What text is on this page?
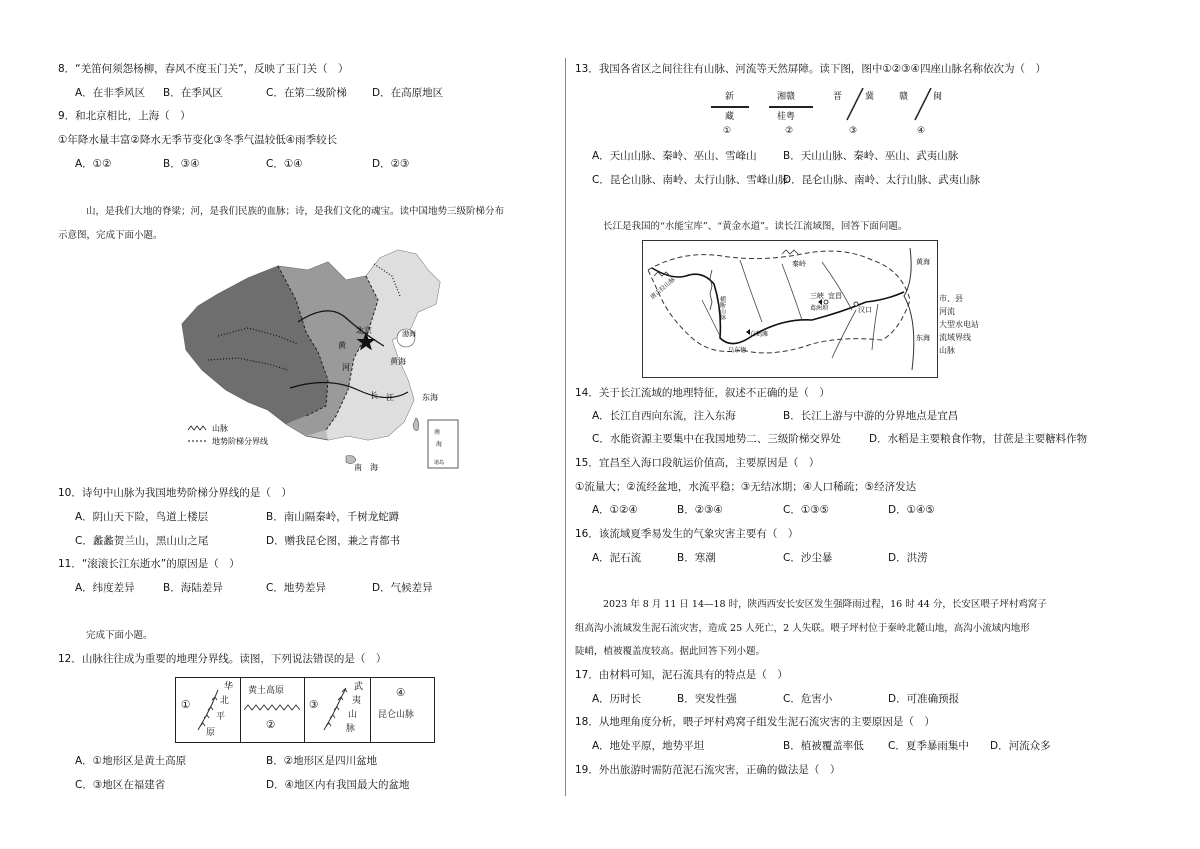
8．“羌笛何须怨杨柳，春风不度玉门关”，反映了玉门关（　）
A．在非季风区 B．在季风区	C．在第二级阶梯 D．在高原地区
9．和北京相比，上海（　）
①年降水量丰富②降水无季节变化③冬季气温较低④雨季较长
A．①②	B．③④	C．①④	D．②③
山，是我们大地的脊梁；河，是我们民族的血脉；诗，是我们文化的魂宝。读中国地势三级阶梯分布
示意图，完成下面小题。
北京	渤海
黄
河
黄海
长 江	东海
南　海
山脉
地势阶梯分界线
南
海
诸岛
10．诗句中山脉为我国地势阶梯分界线的是（　）
A．阴山天下险，鸟道上楼层	B．南山隔秦岭，千树龙蛇蹲
C．蠡蠡贺兰山，黑山山之尾	D．赠我昆仑图，兼之青都书
11．“滚滚长江东逝水”的原因是（　）
A．纬度差异	B．海陆差异	C．地势差异	D．气候差异
完成下面小题。
12．山脉往往成为重要的地理分界线。读图，下列说法错误的是（　）
①
华
北
平
原
黄土高原
②
③
武
夷
山
脉
④
昆仑山脉
A．①地形区是黄土高原	B．②地形区是四川盆地
C．③地区在福建省	D．④地区内有我国最大的盆地
13．我国各省区之间往往有山脉、河流等天然屏障。读下图，图中①②③④四座山脉名称依次为（　）
新
藏
①
湘赣
桂粤
②
晋	冀
③
赣	闽
④
A．天山山脉、秦岭、巫山、雪峰山	B．天山山脉、秦岭、巫山、武夷山脉
C．昆仑山脉、南岭、太行山脉、雪峰山脉
D．昆仑山脉、南岭、太行山脉、武夷山脉
长江是我国的“水能宝库”、“黄金水道”。读长江流域图，回答下面问题。
秦岭
三峡 宜昌
葛洲坝	汉口
黄海
东海
唐古拉山脉
横断山脉
白鹤滩
乌东德
市、县
河流
大型水电站
流域界线
山脉
14．关于长江流域的地理特征，叙述不正确的是（　）
A．长江自西向东流，注入东海	B．长江上游与中游的分界地点是宜昌
C．水能资源主要集中在我国地势二、三级阶梯交界处	D．水稻是主要粮食作物，甘蔗是主要糖料作物
15．宜昌至入海口段航运价值高，主要原因是（　）
①流量大；②流经盆地，水流平稳；③无结冰期；④人口稀疏；⑤经济发达
A．①②④	B．②③④	C．①③⑤	D．①④⑤
16．该流域夏季易发生的气象灾害主要有（　）
A．泥石流	B．寒潮	C．沙尘暴	D．洪涝
2023 年 8 月 11 日 14—18 时，陕西西安长安区发生强降雨过程，16 时 44 分，长安区喂子坪村鸡窝子
组高沟小流域发生泥石流灾害，造成 25 人死亡，2 人失联。喂子坪村位于秦岭北麓山地，高沟小流域内地形
陡峭，植被覆盖度较高。据此回答下列小题。
17．由材料可知，泥石流具有的特点是（　）
A．历时长	B．突发性强	C．危害小	D．可准确预报
18．从地理角度分析，喂子坪村鸡窝子组发生泥石流灾害的主要原因是（　）
A．地处平原，地势平坦	B．植被覆盖率低 C．夏季暴雨集中 D．河流众多
19．外出旅游时需防范泥石流灾害，正确的做法是（　）
